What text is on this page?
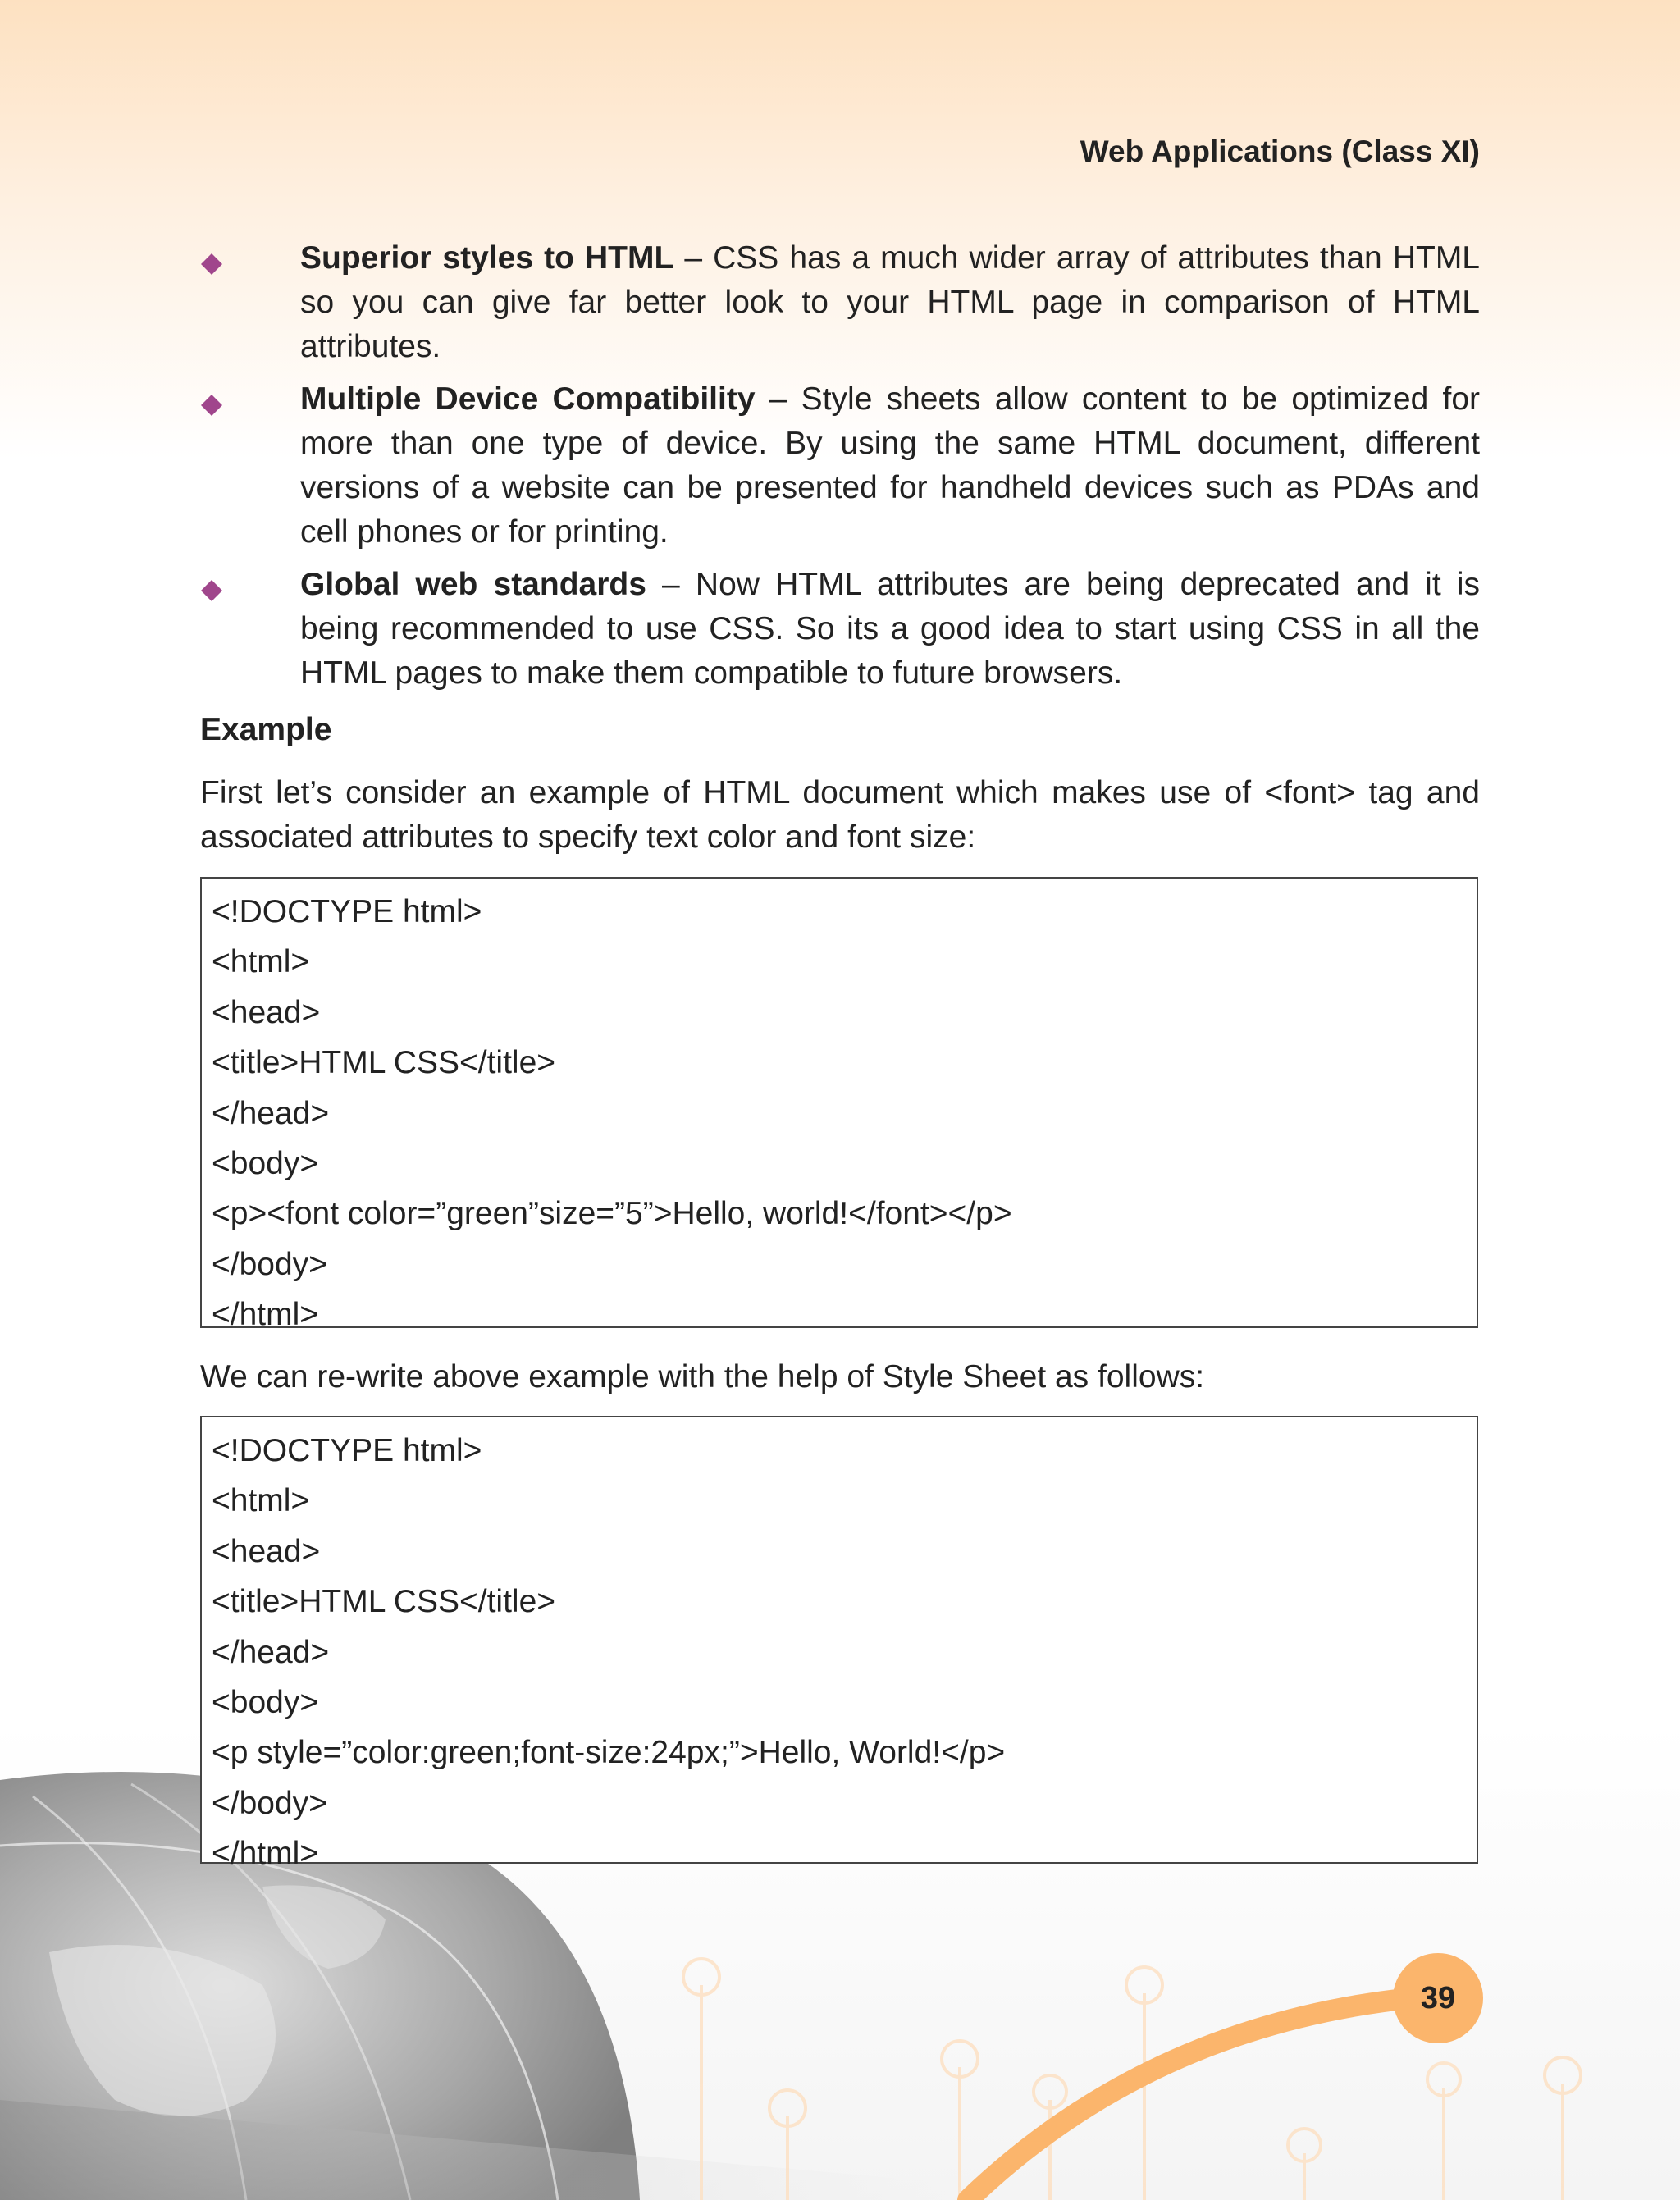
Web Applications (Class XI)
Superior styles to HTML – CSS has a much wider array of attributes than HTML so you can give far better look to your HTML page in comparison of HTML attributes.
Multiple Device Compatibility – Style sheets allow content to be optimized for more than one type of device. By using the same HTML document, different versions of a website can be presented for handheld devices such as PDAs and cell phones or for printing.
Global web standards – Now HTML attributes are being deprecated and it is being recommended to use CSS. So its a good idea to start using CSS in all the HTML pages to make them compatible to future browsers.
Example
First let’s consider an example of HTML document which makes use of <font> tag and associated attributes to specify text color and font size:
<!DOCTYPE html>
<html>
<head>
<title>HTML CSS</title>
</head>
<body>
<p><font color=”green”size=”5”>Hello, world!</font></p>
</body>
</html>
We can re-write above example with the help of Style Sheet as follows:
<!DOCTYPE html>
<html>
<head>
<title>HTML CSS</title>
</head>
<body>
<p style=”color:green;font-size:24px;”>Hello, World!</p>
</body>
</html>
39
